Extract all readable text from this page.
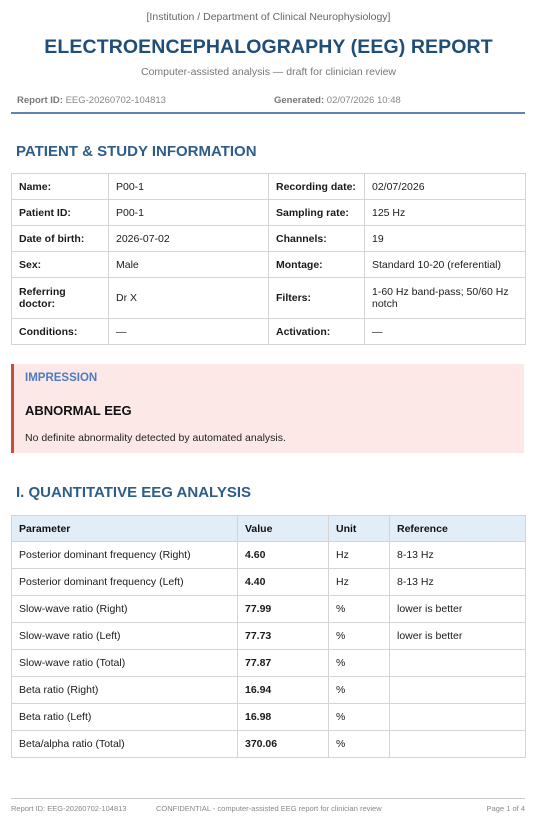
[Institution / Department of Clinical Neurophysiology]
ELECTROENCEPHALOGRAPHY (EEG) REPORT
Computer-assisted analysis — draft for clinician review
Report ID: EEG-20260702-104813	Generated: 02/07/2026 10:48
PATIENT & STUDY INFORMATION
Name:	P00-1	Recording date:	02/07/2026
Patient ID:	P00-1	Sampling rate:	125 Hz
Date of birth:	2026-07-02	Channels:	19
Sex:	Male	Montage:	Standard 10-20 (referential)
Referring doctor:	Dr X	Filters:	1-60 Hz band-pass; 50/60 Hz notch
Conditions:	—	Activation:	—
IMPRESSION
ABNORMAL EEG
No definite abnormality detected by automated analysis.
I. QUANTITATIVE EEG ANALYSIS
Parameter	Value	Unit	Reference
Posterior dominant frequency (Right)	4.60	Hz	8-13 Hz
Posterior dominant frequency (Left)	4.40	Hz	8-13 Hz
Slow-wave ratio (Right)	77.99	%	lower is better
Slow-wave ratio (Left)	77.73	%	lower is better
Slow-wave ratio (Total)	77.87	%	
Beta ratio (Right)	16.94	%	
Beta ratio (Left)	16.98	%	
Beta/alpha ratio (Total)	370.06	%	
Report ID: EEG-20260702-104813	CONFIDENTIAL - computer-assisted EEG report for clinician review	Page 1 of 4
